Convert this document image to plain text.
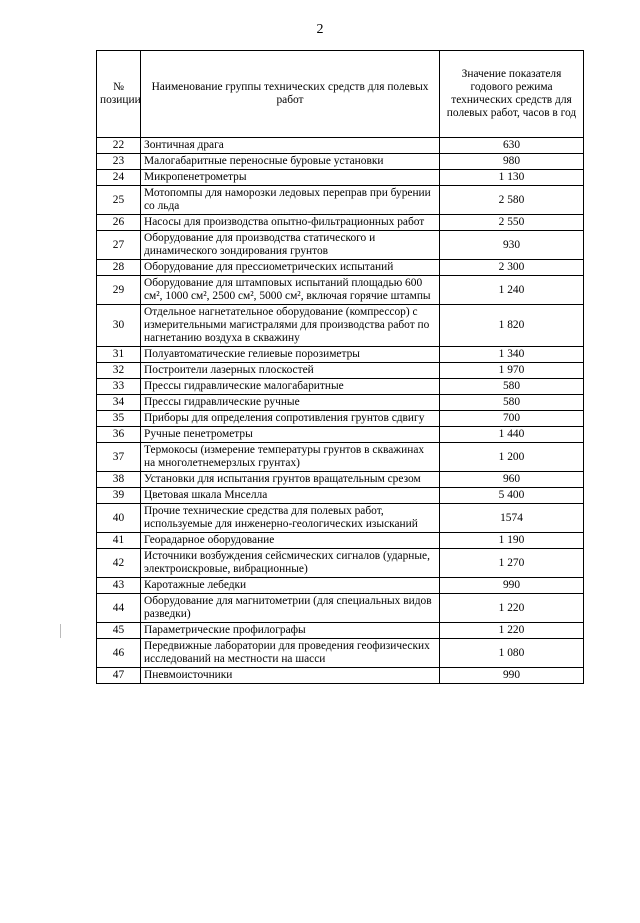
2
№ позиции	Наименование группы технических средств для полевых работ	Значение показателя годового режима технических средств для полевых работ, часов в год
22	Зонтичная драга	630
23	Малогабаритные переносные буровые установки	980
24	Микропенетрометры	1 130
25	Мотопомпы для наморозки ледовых переправ при бурении со льда	2 580
26	Насосы для производства опытно-фильтрационных работ	2 550
27	Оборудование для производства статического и динамического зондирования грунтов	930
28	Оборудование для прессиометрических испытаний	2 300
29	Оборудование для штамповых испытаний площадью 600 см², 1000 см², 2500 см², 5000 см², включая горячие штампы	1 240
30	Отдельное нагнетательное оборудование (компрессор) с измерительными магистралями для производства работ по нагнетанию воздуха в скважину	1 820
31	Полуавтоматические гелиевые порозиметры	1 340
32	Построители лазерных плоскостей	1 970
33	Прессы гидравлические малогабаритные	580
34	Прессы гидравлические ручные	580
35	Приборы для определения сопротивления грунтов сдвигу	700
36	Ручные пенетрометры	1 440
37	Термокосы (измерение температуры грунтов в скважинах на многолетнемерзлых грунтах)	1 200
38	Установки для испытания грунтов вращательным срезом	960
39	Цветовая шкала Мнселла	5 400
40	Прочие технические средства для полевых работ, используемые для инженерно-геологических изысканий	1574
41	Георадарное оборудование	1 190
42	Источники возбуждения сейсмических сигналов (ударные, электроискровые, вибрационные)	1 270
43	Каротажные лебедки	990
44	Оборудование для магнитометрии (для специальных видов разведки)	1 220
45	Параметрические профилографы	1 220
46	Передвижные лаборатории для проведения геофизических исследований на местности на шасси	1 080
47	Пневмоисточники	990
